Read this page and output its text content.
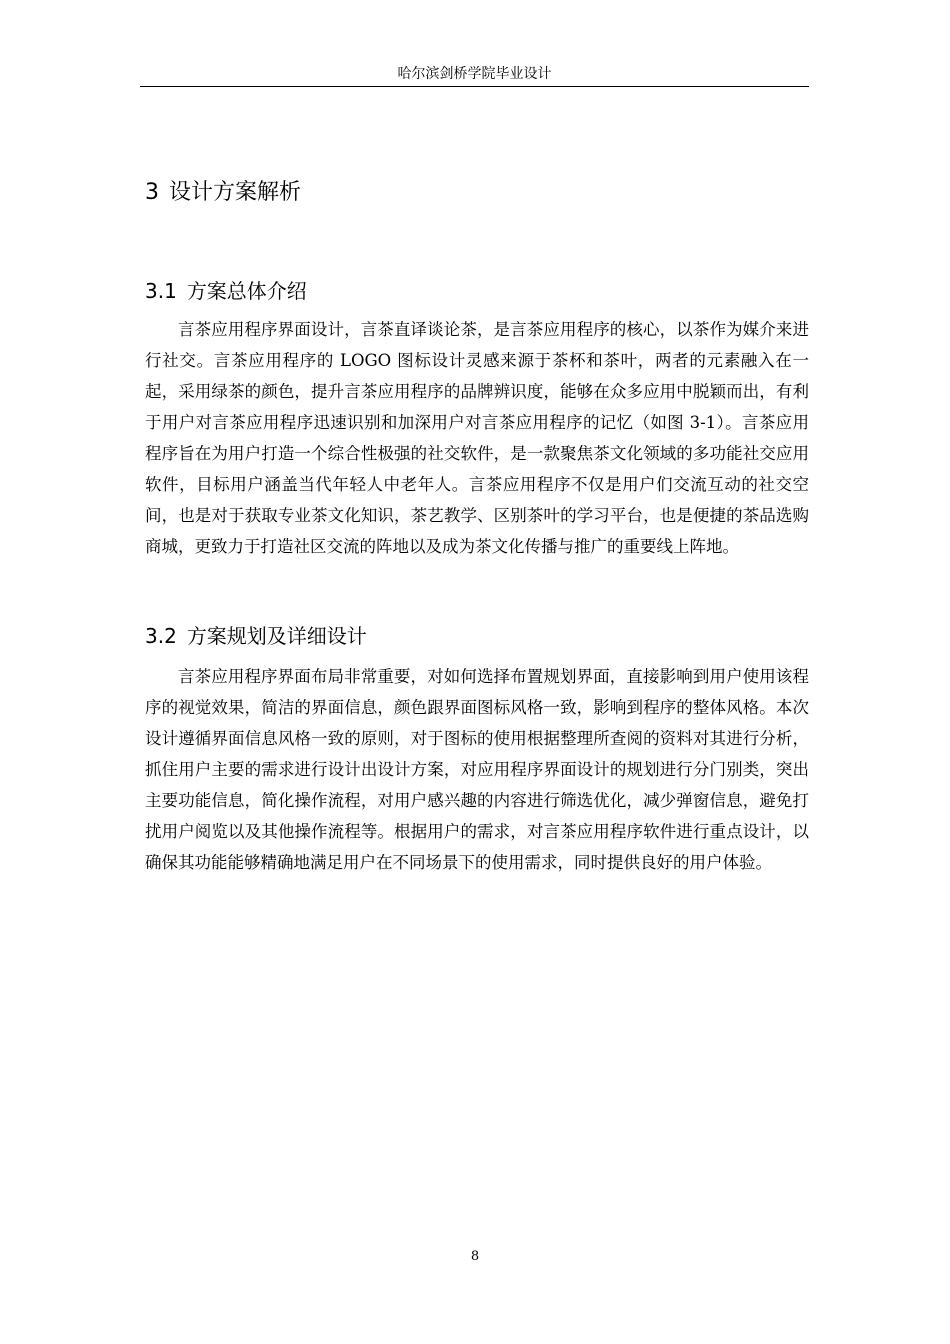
哈尔滨剑桥学院毕业设计
3 设计方案解析
3.1 方案总体介绍

言茶应用程序界面设计，言茶直译谈论茶，是言茶应用程序的核心，以茶作为媒介来进行社交。言茶应用程序的 LOGO 图标设计灵感来源于茶杯和茶叶，两者的元素融入在一起，采用绿茶的颜色，提升言茶应用程序的品牌辨识度，能够在众多应用中脱颖而出，有利于用户对言茶应用程序迅速识别和加深用户对言茶应用程序的记忆（如图 3-1）。言茶应用程序旨在为用户打造一个综合性极强的社交软件，是一款聚焦茶文化领域的多功能社交应用软件，目标用户涵盖当代年轻人中老年人。言茶应用程序不仅是用户们交流互动的社交空间，也是对于获取专业茶文化知识，茶艺教学、区别茶叶的学习平台，也是便捷的茶品选购商城，更致力于打造社区交流的阵地以及成为茶文化传播与推广的重要线上阵地。

3.2 方案规划及详细设计

言茶应用程序界面布局非常重要，对如何选择布置规划界面，直接影响到用户使用该程序的视觉效果，简洁的界面信息，颜色跟界面图标风格一致，影响到程序的整体风格。本次设计遵循界面信息风格一致的原则，对于图标的使用根据整理所查阅的资料对其进行分析，抓住用户主要的需求进行设计出设计方案，对应用程序界面设计的规划进行分门别类，突出主要功能信息，简化操作流程，对用户感兴趣的内容进行筛选优化，减少弹窗信息，避免打扰用户阅览以及其他操作流程等。根据用户的需求，对言茶应用程序软件进行重点设计，以确保其功能能够精确地满足用户在不同场景下的使用需求，同时提供良好的用户体验。

8
